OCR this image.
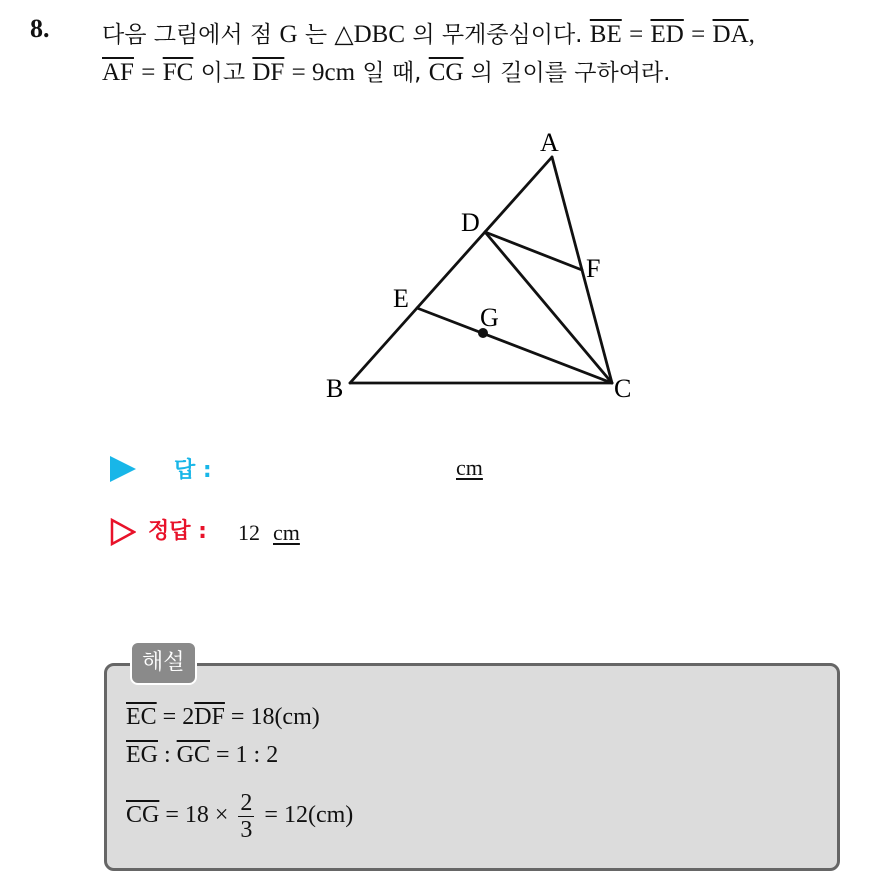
8. 다음 그림에서 점 G 는 △DBC 의 무게중심이다. $\overline{BE} = \overline{ED} = \overline{DA}$,
$\overline{AF} = \overline{FC}$ 이고 $\overline{DF} = 9cm$ 일 때, $\overline{CG}$ 의 길이를 구하여라.
A
B	C
D
E
F
G
답 :	cm
정답 : 12 cm
해설
$\overline{EC} = 2\overline{DF} = 18(cm)$
$\overline{EG}$ : $\overline{GC} = 1$ : 2
$\overline{CG} = 18 \times \frac{2}{3} = 12(cm)$
